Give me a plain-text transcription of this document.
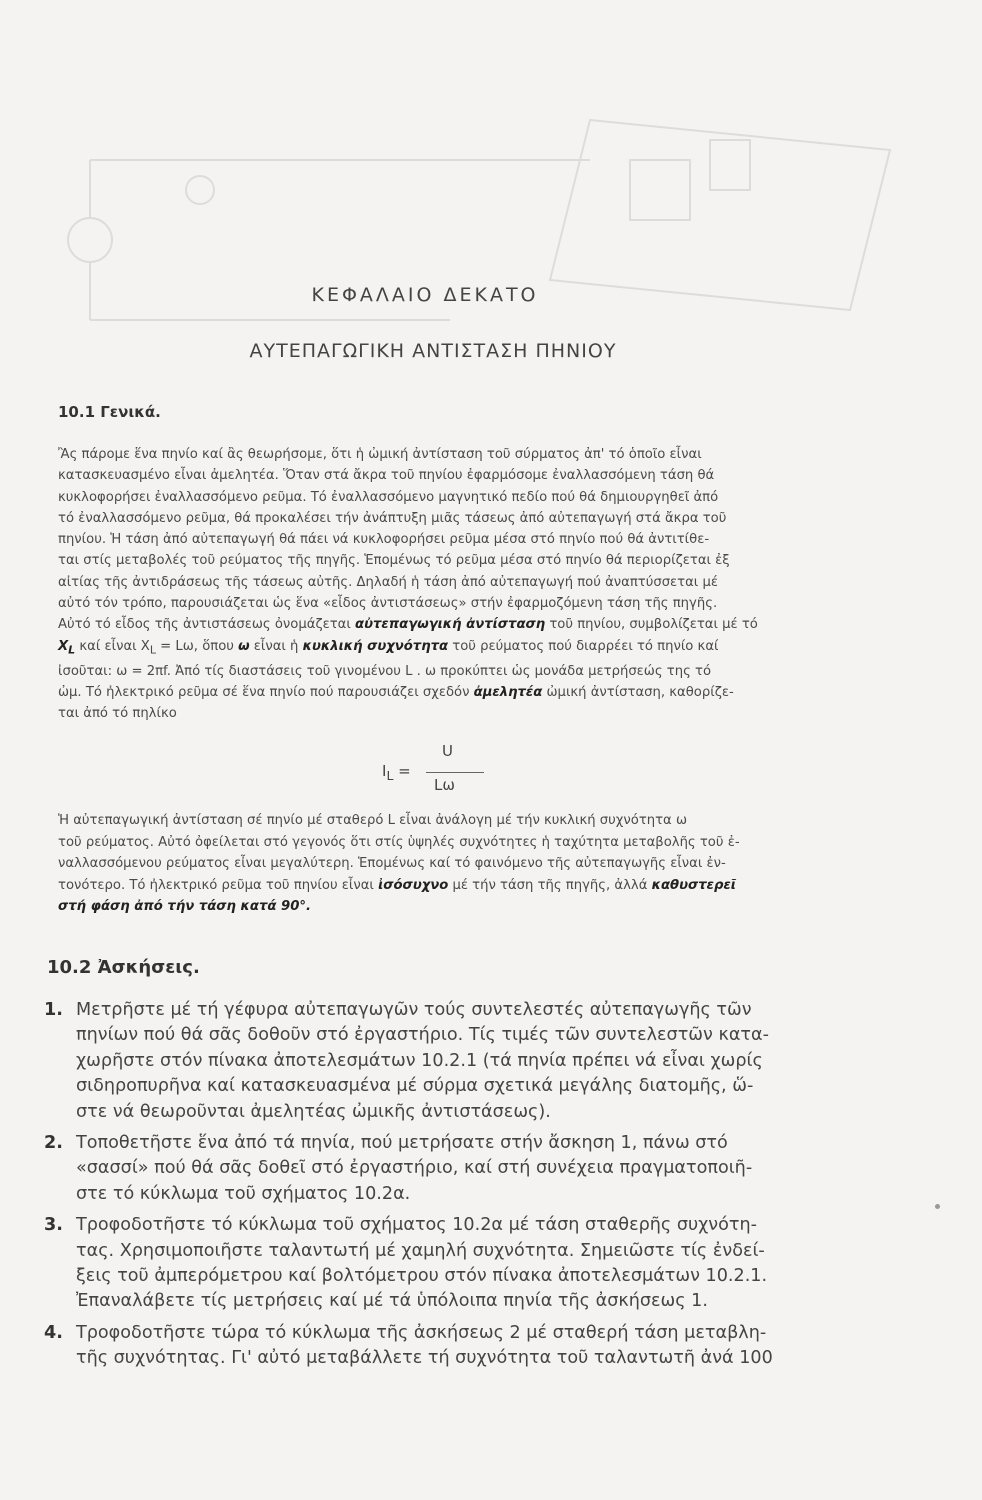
ΚΕΦΑΛΑΙΟ ΔΕΚΑΤΟ
ΑΥΤΕΠΑΓΩΓΙΚΗ ΑΝΤΙΣΤΑΣΗ ΠΗΝΙΟΥ
10.1 Γενικά.
Ἂς πάρομε ἕνα πηνίο καί ἂς θεωρήσομε, ὅτι ἡ ὠμική ἀντίσταση τοῦ σύρματος ἀπ' τό ὁποῖο εἶναι
κατασκευασμένο εἶναι ἀμελητέα. Ὅταν στά ἄκρα τοῦ πηνίου ἐφαρμόσομε ἐναλλασσόμενη τάση θά
κυκλοφορήσει ἐναλλασσόμενο ρεῦμα. Τό ἐναλλασσόμενο μαγνητικό πεδίο πού θά δημιουργηθεῖ ἀπό
τό ἐναλλασσόμενο ρεῦμα, θά προκαλέσει τήν ἀνάπτυξη μιᾶς τάσεως ἀπό αὐτεπαγωγή στά ἄκρα τοῦ
πηνίου. Ἡ τάση ἀπό αὐτεπαγωγή θά πάει νά κυκλοφορήσει ρεῦμα μέσα στό πηνίο πού θά ἀντιτίθε-
ται στίς μεταβολές τοῦ ρεύματος τῆς πηγῆς. Ἑπομένως τό ρεῦμα μέσα στό πηνίο θά περιορίζεται ἐξ
αἰτίας τῆς ἀντιδράσεως τῆς τάσεως αὐτῆς. Δηλαδή ἡ τάση ἀπό αὐτεπαγωγή πού ἀναπτύσσεται μέ
αὐτό τόν τρόπο, παρουσιάζεται ὡς ἕνα «εἶδος ἀντιστάσεως» στήν ἐφαρμοζόμενη τάση τῆς πηγῆς.
Αὐτό τό εἶδος τῆς ἀντιστάσεως ὀνομάζεται αὐτεπαγωγική ἀντίσταση τοῦ πηνίου, συμβολίζεται μέ τό
$X_L$ καί εἶναι $X_L = L\omega$, ὅπου ω εἶναι ἡ κυκλική συχνότητα τοῦ ρεύματος πού διαρρέει τό πηνίο καί
ἰσοῦται: ω = 2πf. Ἀπό τίς διαστάσεις τοῦ γινομένου L . ω προκύπτει ὡς μονάδα μετρήσεώς της τό
ὠμ. Τό ἠλεκτρικό ρεῦμα σέ ἕνα πηνίο πού παρουσιάζει σχεδόν ἀμελητέα ὠμική ἀντίσταση, καθορίζε-
ται ἀπό τό πηλίκο
$I_L$ =
U
Lω
Ἡ αὐτεπαγωγική ἀντίσταση σέ πηνίο μέ σταθερό L εἶναι ἀνάλογη μέ τήν κυκλική συχνότητα ω
τοῦ ρεύματος. Αὐτό ὀφείλεται στό γεγονός ὅτι στίς ὑψηλές συχνότητες ἡ ταχύτητα μεταβολῆς τοῦ ἐ-
ναλλασσόμενου ρεύματος εἶναι μεγαλύτερη. Ἑπομένως καί τό φαινόμενο τῆς αὐτεπαγωγῆς εἶναι ἐν-
τονότερο. Τό ἠλεκτρικό ρεῦμα τοῦ πηνίου εἶναι ἰσόσυχνο μέ τήν τάση τῆς πηγῆς, ἀλλά καθυστερεῖ
στή φάση ἀπό τήν τάση κατά 90°.
10.2 Ἀσκήσεις.
1. Μετρῆστε μέ τή γέφυρα αὐτεπαγωγῶν τούς συντελεστές αὐτεπαγωγῆς τῶν
πηνίων πού θά σᾶς δοθοῦν στό ἐργαστήριο. Τίς τιμές τῶν συντελεστῶν κατα-
χωρῆστε στόν πίνακα ἀποτελεσμάτων 10.2.1 (τά πηνία πρέπει νά εἶναι χωρίς
σιδηροπυρῆνα καί κατασκευασμένα μέ σύρμα σχετικά μεγάλης διατομῆς, ὥ-
στε νά θεωροῦνται ἀμελητέας ὠμικῆς ἀντιστάσεως).
2. Τοποθετῆστε ἕνα ἀπό τά πηνία, πού μετρήσατε στήν ἄσκηση 1, πάνω στό
«σασσί» πού θά σᾶς δοθεῖ στό ἐργαστήριο, καί στή συνέχεια πραγματοποιῆ-
στε τό κύκλωμα τοῦ σχήματος 10.2α.
3. Τροφοδοτῆστε τό κύκλωμα τοῦ σχήματος 10.2α μέ τάση σταθερῆς συχνότη-
τας. Χρησιμοποιῆστε ταλαντωτή μέ χαμηλή συχνότητα. Σημειῶστε τίς ἐνδεί-
ξεις τοῦ ἀμπερόμετρου καί βολτόμετρου στόν πίνακα ἀποτελεσμάτων 10.2.1.
Ἐπαναλάβετε τίς μετρήσεις καί μέ τά ὑπόλοιπα πηνία τῆς ἀσκήσεως 1.
4. Τροφοδοτῆστε τώρα τό κύκλωμα τῆς ἀσκήσεως 2 μέ σταθερή τάση μεταβλη-
τῆς συχνότητας. Γι' αὐτό μεταβάλλετε τή συχνότητα τοῦ ταλαντωτῆ ἀνά 100
